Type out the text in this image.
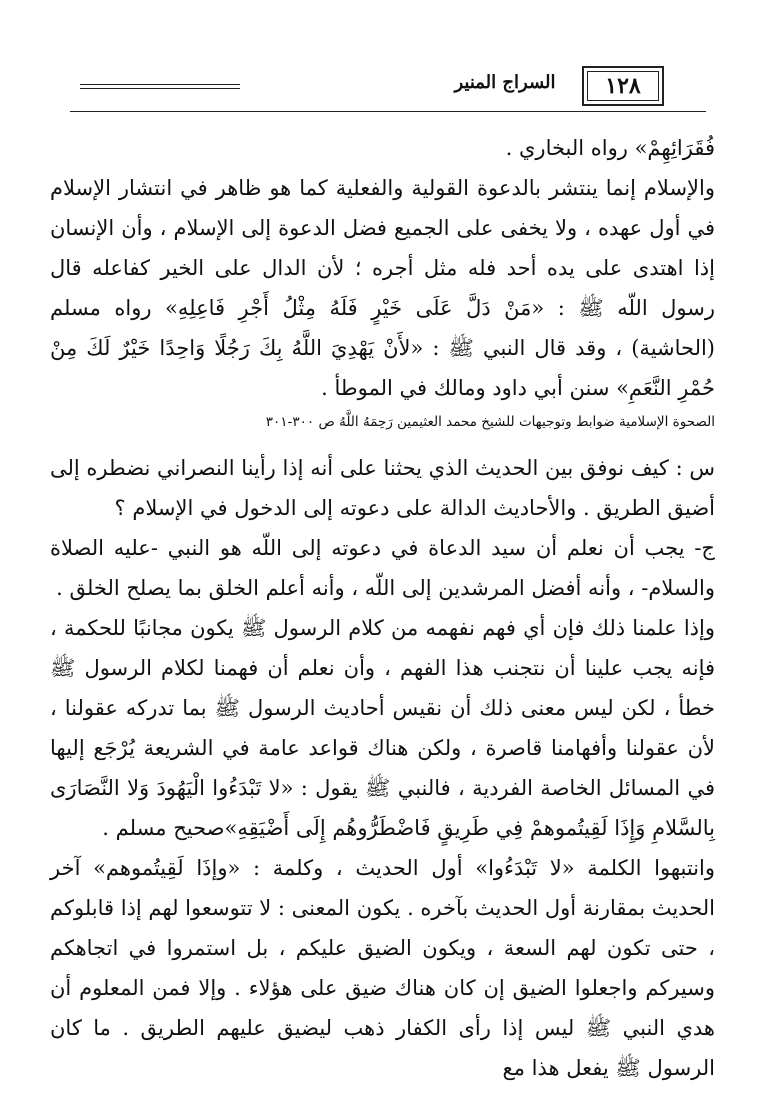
السراج المنير	١٢٨

فُقَرَائِهِمْ» رواه البخاري .

والإسلام إنما ينتشر بالدعوة القولية والفعلية كما هو ظاهر في انتشار الإسلام في أول عهده ، ولا يخفى على الجميع فضل الدعوة إلى الإسلام ، وأن الإنسان إذا اهتدى على يده أحد فله مثل أجره ؛ لأن الدال على الخير كفاعله قال رسول اللّه ﷺ : «مَنْ دَلَّ عَلَى خَيْرٍ فَلَهُ مِثْلُ أَجْرِ فَاعِلِهِ» رواه مسلم (الحاشية) ، وقد قال النبي ﷺ : «لأَنْ يَهْدِيَ اللَّهُ بِكَ رَجُلًا وَاحِدًا خَيْرٌ لَكَ مِنْ حُمْرِ النَّعَمِ» سنن أبي داود ومالك في الموطأ .

الصحوة الإسلامية ضوابط وتوجيهات للشيخ محمد العثيمين رَحِمَهُ اللَّهُ ص ٣٠٠-٣٠١

س : كيف نوفق بين الحديث الذي يحثنا على أنه إذا رأينا النصراني نضطره إلى أضيق الطريق . والأحاديث الدالة على دعوته إلى الدخول في الإسلام ؟

ج- يجب أن نعلم أن سيد الدعاة في دعوته إلى اللّه هو النبي -عليه الصلاة والسلام- ، وأنه أفضل المرشدين إلى اللّه ، وأنه أعلم الخلق بما يصلح الخلق .

وإذا علمنا ذلك فإن أي فهم نفهمه من كلام الرسول ﷺ يكون مجانبًا للحكمة ، فإنه يجب علينا أن نتجنب هذا الفهم ، وأن نعلم أن فهمنا لكلام الرسول ﷺ خطأ ، لكن ليس معنى ذلك أن نقيس أحاديث الرسول ﷺ بما تدركه عقولنا ، لأن عقولنا وأفهامنا قاصرة ، ولكن هناك قواعد عامة في الشريعة يُرْجَع إليها في المسائل الخاصة الفردية ، فالنبي ﷺ يقول : «لا تَبْدَءُوا الْيَهُودَ وَلا النَّصَارَى بِالسَّلامِ وَإِذَا لَقِيتُموهمْ فِي طَرِيقٍ فَاضْطَرُّوهُم إِلَى أَضْيَقِهِ»صحيح مسلم .

وانتبهوا الكلمة «لا تَبْدَءُوا» أول الحديث ، وكلمة : «وإذَا لَقِيتُموهم» آخر الحديث بمقارنة أول الحديث بآخره . يكون المعنى : لا تتوسعوا لهم إذا قابلوكم ، حتى تكون لهم السعة ، ويكون الضيق عليكم ، بل استمروا في اتجاهكم وسيركم واجعلوا الضيق إن كان هناك ضيق على هؤلاء . وإلا فمن المعلوم أن هدي النبي ﷺ ليس إذا رأى الكفار ذهب ليضيق عليهم الطريق . ما كان الرسول ﷺ يفعل هذا مع
